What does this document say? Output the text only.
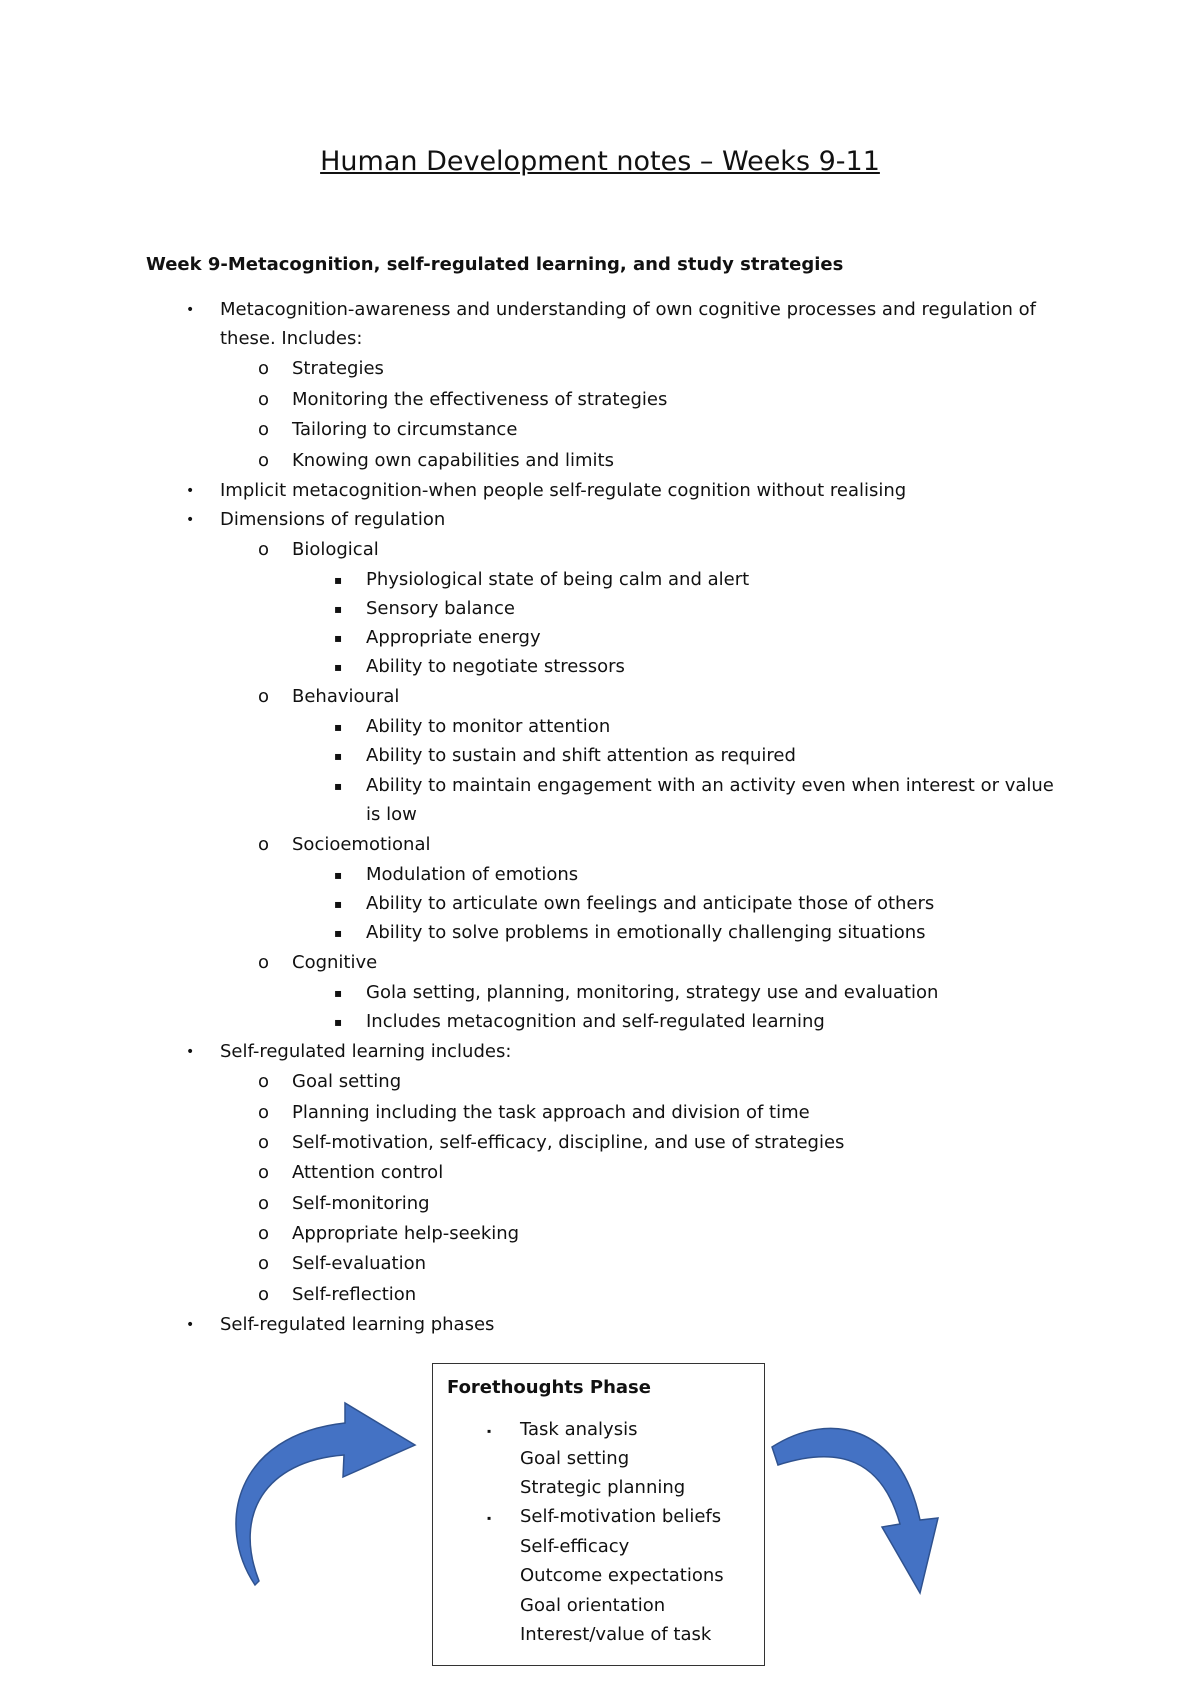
Human Development notes – Weeks 9-11
Week 9-Metacognition, self-regulated learning, and study strategies
• Metacognition-awareness and understanding of own cognitive processes and regulation of
these. Includes:
o Strategies
o Monitoring the effectiveness of strategies
o Tailoring to circumstance
o Knowing own capabilities and limits
• Implicit metacognition-when people self-regulate cognition without realising
• Dimensions of regulation
o Biological
▪ Physiological state of being calm and alert
▪ Sensory balance
▪ Appropriate energy
▪ Ability to negotiate stressors
o Behavioural
▪ Ability to monitor attention
▪ Ability to sustain and shift attention as required
▪ Ability to maintain engagement with an activity even when interest or value
is low
o Socioemotional
▪ Modulation of emotions
▪ Ability to articulate own feelings and anticipate those of others
▪ Ability to solve problems in emotionally challenging situations
o Cognitive
▪ Gola setting, planning, monitoring, strategy use and evaluation
▪ Includes metacognition and self-regulated learning
• Self-regulated learning includes:
o Goal setting
o Planning including the task approach and division of time
o Self-motivation, self-efficacy, discipline, and use of strategies
o Attention control
o Self-monitoring
o Appropriate help-seeking
o Self-evaluation
o Self-reflection
• Self-regulated learning phases
Forethoughts Phase
▪ Task analysis
Goal setting
Strategic planning
▪ Self-motivation beliefs
Self-efficacy
Outcome expectations
Goal orientation
Interest/value of task
